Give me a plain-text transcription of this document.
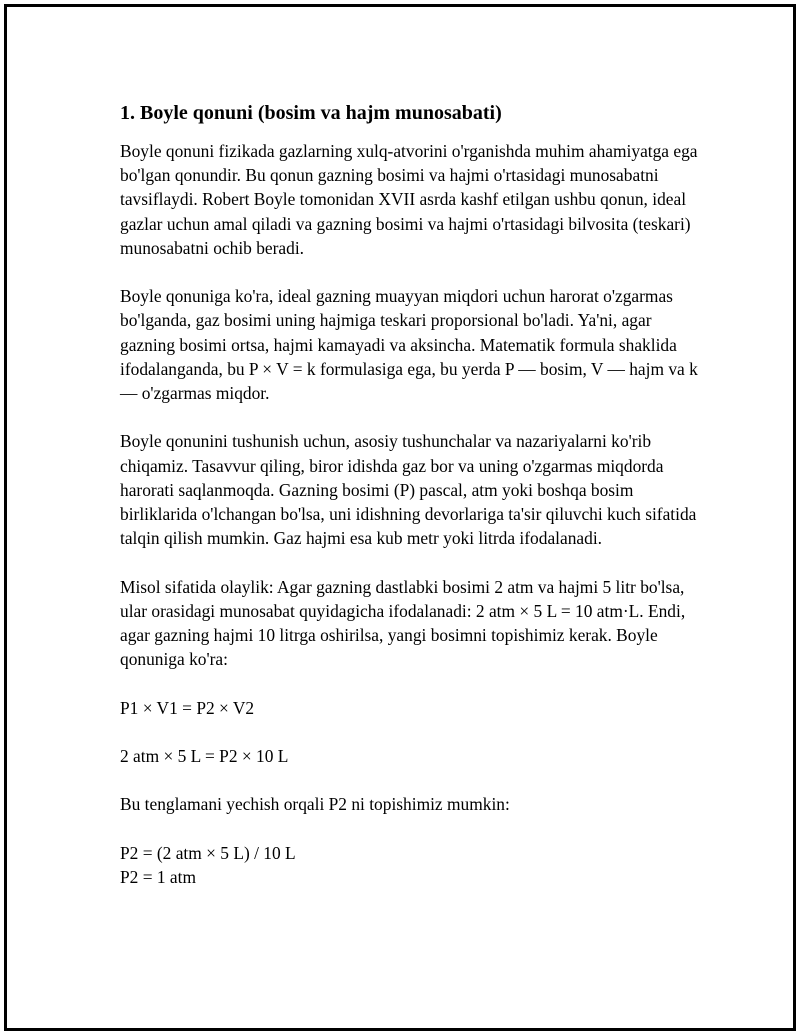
1. Boyle qonuni (bosim va hajm munosabati)

Boyle qonuni fizikada gazlarning xulq-atvorini o'rganishda muhim ahamiyatga ega bo'lgan qonundir. Bu qonun gazning bosimi va hajmi o'rtasidagi munosabatni tavsiflaydi. Robert Boyle tomonidan XVII asrda kashf etilgan ushbu qonun, ideal gazlar uchun amal qiladi va gazning bosimi va hajmi o'rtasidagi bilvosita (teskari) munosabatni ochib beradi.

Boyle qonuniga ko'ra, ideal gazning muayyan miqdori uchun harorat o'zgarmas bo'lganda, gaz bosimi uning hajmiga teskari proporsional bo'ladi. Ya'ni, agar gazning bosimi ortsa, hajmi kamayadi va aksincha. Matematik formula shaklida ifodalanganda, bu P × V = k formulasiga ega, bu yerda P — bosim, V — hajm va k — o'zgarmas miqdor.

Boyle qonunini tushunish uchun, asosiy tushunchalar va nazariyalarni ko'rib chiqamiz. Tasavvur qiling, biror idishda gaz bor va uning o'zgarmas miqdorda harorati saqlanmoqda. Gazning bosimi (P) pascal, atm yoki boshqa bosim birliklarida o'lchangan bo'lsa, uni idishning devorlariga ta'sir qiluvchi kuch sifatida talqin qilish mumkin. Gaz hajmi esa kub metr yoki litrda ifodalanadi.

Misol sifatida olaylik: Agar gazning dastlabki bosimi 2 atm va hajmi 5 litr bo'lsa, ular orasidagi munosabat quyidagicha ifodalanadi: 2 atm × 5 L = 10 atm·L. Endi, agar gazning hajmi 10 litrga oshirilsa, yangi bosimni topishimiz kerak. Boyle qonuniga ko'ra:

P1 × V1 = P2 × V2

2 atm × 5 L = P2 × 10 L

Bu tenglamani yechish orqali P2 ni topishimiz mumkin:

P2 = (2 atm × 5 L) / 10 L
P2 = 1 atm
